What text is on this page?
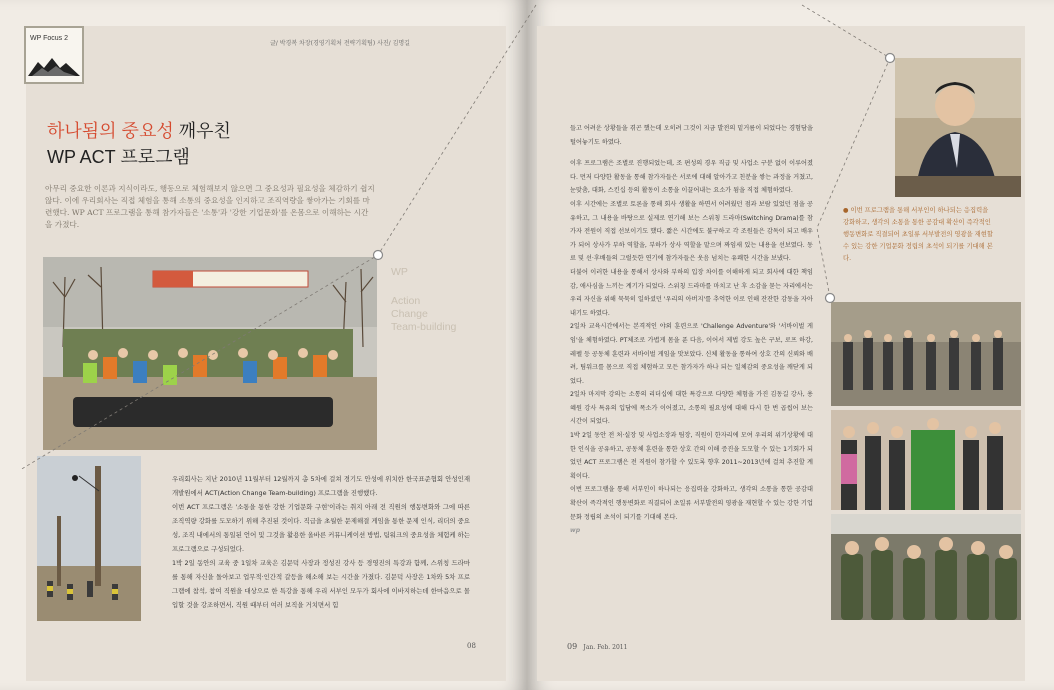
WP Focus 2
글/ 박경복 차장(경영기획처 전략기획팀) 사진/ 김명길
하나됨의 중요성 깨우친
WP ACT 프로그램
아무리 중요한 이론과 지식이라도, 행동으로 체험해보지 않으면 그 중요성과 필요성을 체감하기 쉽지 않다. 이에 우리회사는 직접 체험을 통해 소통의 중요성을 인지하고 조직역량을 쌓아가는 기회를 마련했다. WP ACT 프로그램을 통해 참가자들은 '소통'과 '강한 기업문화'를 온몸으로 이해하는 시간을 가졌다.
WP
Action
Change
Team-building

우리회사는 지난 2010년 11월부터 12월까지 총 5차에 걸쳐 경기도 안성에 위치한 한국표준협회 안성인재개발원에서 ACT(Action Change Team-building) 프로그램을 진행했다.

이번 ACT 프로그램은 '소통을 통한 강한 기업문화 구현'이라는 취지 아래 전 직원의 행동변화와 그에 따른 조직역량 강화를 도모하기 위해 추진된 것이다. 직급을 초월한 문제해결 게임을 통한 문제 인식, 리더의 중요성, 조직 내에서의 통일된 언어 및 그것을 활용한 올바른 커뮤니케이션 방법, 팀워크의 중요성을 체험케 하는 프로그램으로 구성되었다.

1박 2일 동안의 교육 중 1일차 교육은 김문덕 사장과 정성진 강사 등 경영진의 특강과 함께, 스위칭 드라마를 통해 자신을 돌아보고 업무적·인간적 갈등을 해소해 보는 시간을 가졌다. 김문덕 사장은 1차와 5차 프로그램에 참석, 참여 직원을 대상으로 한 특강을 통해 우리 서부인 모두가 회사에 이바지하는데 한마음으로 몰입할 것을 강조하면서, 직원 때부터 여러 보직을 거치면서 힘

08

들고 어려운 상황들을 겪곤 했는데 오히려 그것이 지금 발전의 밑거름이 되었다는 경험담을 털어놓기도 하였다.

이후 프로그램은 조별로 진행되었는데, 조 편성의 경우 직급 및 사업소 구분 없이 이루어졌다. 먼저 다양한 활동을 통해 참가자들은 서로에 대해 알아가고 친분을 쌓는 과정을 거쳤고, 눈맞춤, 대화, 스킨십 등의 활동이 소통을 이끌어내는 요소가 됨을 직접 체험하였다.

이후 시간에는 조별로 토론을 통해 회사 생활을 하면서 어려웠던 점과 보람 있었던 점을 공유하고, 그 내용을 바탕으로 실제로 연기해 보는 스위칭 드라마(Switching Drama)를 참가자 전원이 직접 선보이기도 했다. 짧은 시간에도 불구하고 각 조원들은 감독이 되고 배우가 되어 상사가 부하 역할을, 부하가 상사 역할을 맡으며 짜임새 있는 내용을 선보였다. 동료 및 선·후배들의 그럴듯한 연기에 참가자들은 웃음 넘치는 유쾌한 시간을 보냈다.

더불어 이러한 내용을 통해서 상사와 부하의 입장 차이를 이해하게 되고 회사에 대한 책임감, 애사심을 느끼는 계기가 되었다. 스위칭 드라마를 마치고 난 후 소감을 묻는 자리에서는 우리 자신을 위해 묵묵히 일하셨던 '우리의 아버지'를 추억한 이로 인해 잔잔한 감동을 자아내기도 하였다.

2일차 교육시간에서는 본격적인 야외 훈련으로 'Challenge Adventure'와 '서바이벌 게임'을 체험하였다. PT체조로 가볍게 몸을 푼 다음, 이어서 제법 강도 높은 구보, 로프 하강, 레펠 등 공동체 훈련과 서바이벌 게임을 맛보았다. 신체 활동을 통하여 상호 간의 신뢰와 배려, 팀워크를 몸으로 직접 체험하고 모든 참가자가 하나 되는 일체감의 중요성을 깨닫게 되었다.

2일차 마지막 강의는 소통의 리더십에 대한 특강으로 다양한 체험을 가진 김동길 강사, 용혜원 강사 특유의 입담에 폭소가 이어졌고, 소통의 필요성에 대해 다시 한 번 곱씹어 보는 시간이 되었다.

1박 2일 동안 전 처·실장 및 사업소장과 팀장, 직원이 한자리에 모여 우리의 위기상황에 대한 인식을 공유하고, 공동체 훈련을 통한 상호 간의 이해 증진을 도모할 수 있는 1기회가 되었던 ACT 프로그램은 전 직원이 참가할 수 있도록 향후 2011~2013년에 걸쳐 추진할 계획이다.

이번 프로그램을 통해 서부인이 하나되는 응집력을 강화하고, 생각의 소통을 통한 공감대 확산이 즉각적인 행동변화로 직결되어 초일류 서부발전의 영광을 재현할 수 있는 강한 기업문화 정립의 초석이 되기를 기대해 본다.

wp
● 이번 프로그램을 통해 서부인이 하나되는 응집력을 강화하고, 생각의 소통을 통한 공감대 확산이 즉각적인 행동변화로 직결되어 초일류 서부발전의 영광을 재현할 수 있는 강한 기업문화 정립의 초석이 되기를 기대해 본다.
09 Jan. Feb. 2011
